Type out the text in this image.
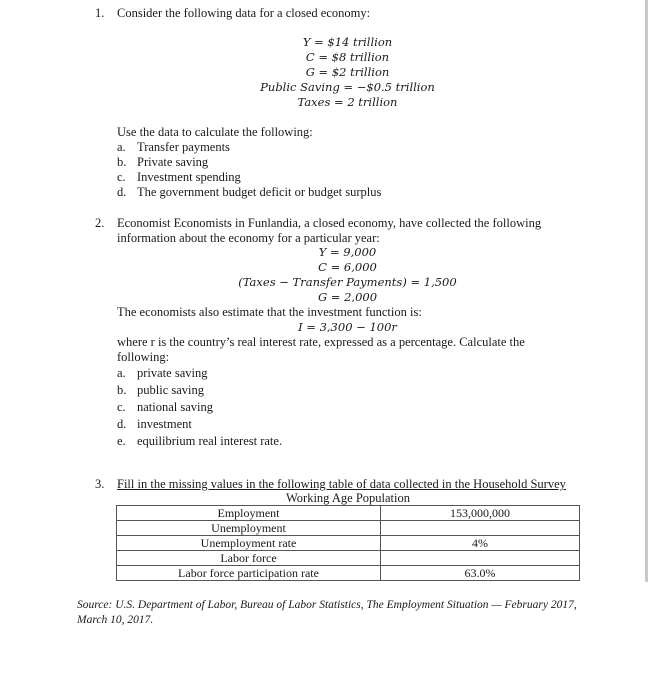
1. Consider the following data for a closed economy:
Y = $14 trillion
C = $8 trillion
G = $2 trillion
Public Saving = −$0.5 trillion
Taxes = 2 trillion
Use the data to calculate the following:
a. Transfer payments
b. Private saving
c. Investment spending
d. The government budget deficit or budget surplus
2. Economist Economists in Funlandia, a closed economy, have collected the following
information about the economy for a particular year:
Y = 9,000
C = 6,000
(Taxes − Transfer Payments) = 1,500
G = 2,000
The economists also estimate that the investment function is:
I = 3,300 − 100r
where r is the country’s real interest rate, expressed as a percentage. Calculate the
following:
a. private saving
b. public saving
c. national saving
d. investment
e. equilibrium real interest rate.
3. Fill in the missing values in the following table of data collected in the Household Survey
Working Age Population
Employment	153,000,000
Unemployment	
Unemployment rate	4%
Labor force	
Labor force participation rate	63.0%
Source: U.S. Department of Labor, Bureau of Labor Statistics, The Employment Situation — February 2017, March 10, 2017.
